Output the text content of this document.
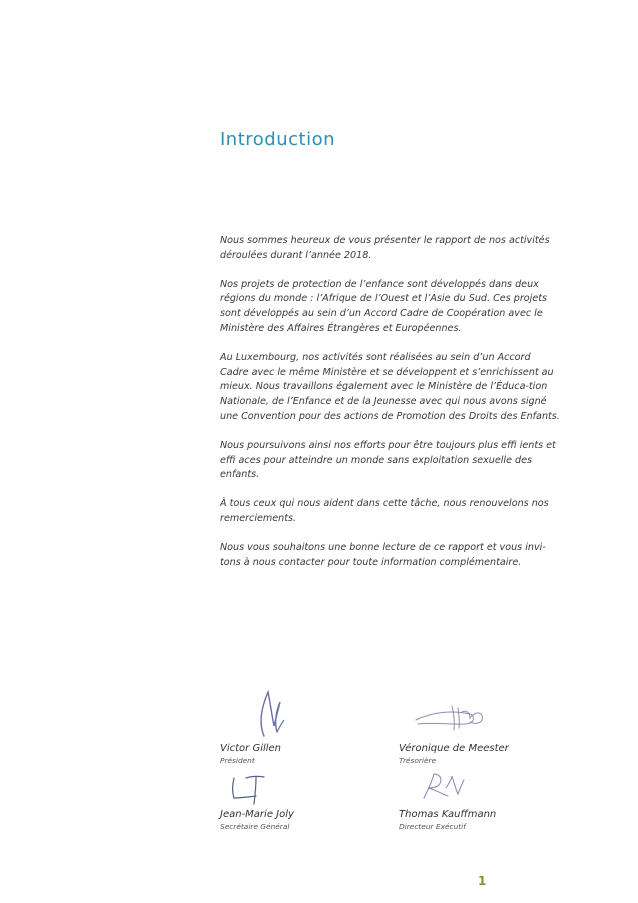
Introduction

Nous sommes heureux de vous présenter le rapport de nos activités déroulées durant l’année 2018.

Nos projets de protection de l’enfance sont développés dans deux régions du monde : l’Afrique de l’Ouest et l’Asie du Sud. Ces projets sont développés au sein d’un Accord Cadre de Coopération avec le Ministère des Affaires Étrangères et Européennes.

Au Luxembourg, nos activités sont réalisées au sein d’un Accord Cadre avec le même Ministère et se développent et s’enrichissent au mieux. Nous travaillons également avec le Ministère de l’Éduca-tion Nationale, de l’Enfance et de la Jeunesse avec qui nous avons signé une Convention pour des actions de Promotion des Droits des Enfants.

Nous poursuivons ainsi nos efforts pour être toujours plus effi ients et effi aces pour atteindre un monde sans exploitation sexuelle des enfants.

À tous ceux qui nous aident dans cette tâche, nous renouvelons nos remerciements.

Nous vous souhaitons une bonne lecture de ce rapport et vous invi-tons à nous contacter pour toute information complémentaire.

Victor Gillen

Président

Véronique de Meester

Trésorière

Jean-Marie Joly

Secrétaire Général

Thomas Kauffmann

Directeur Exécutif

1
